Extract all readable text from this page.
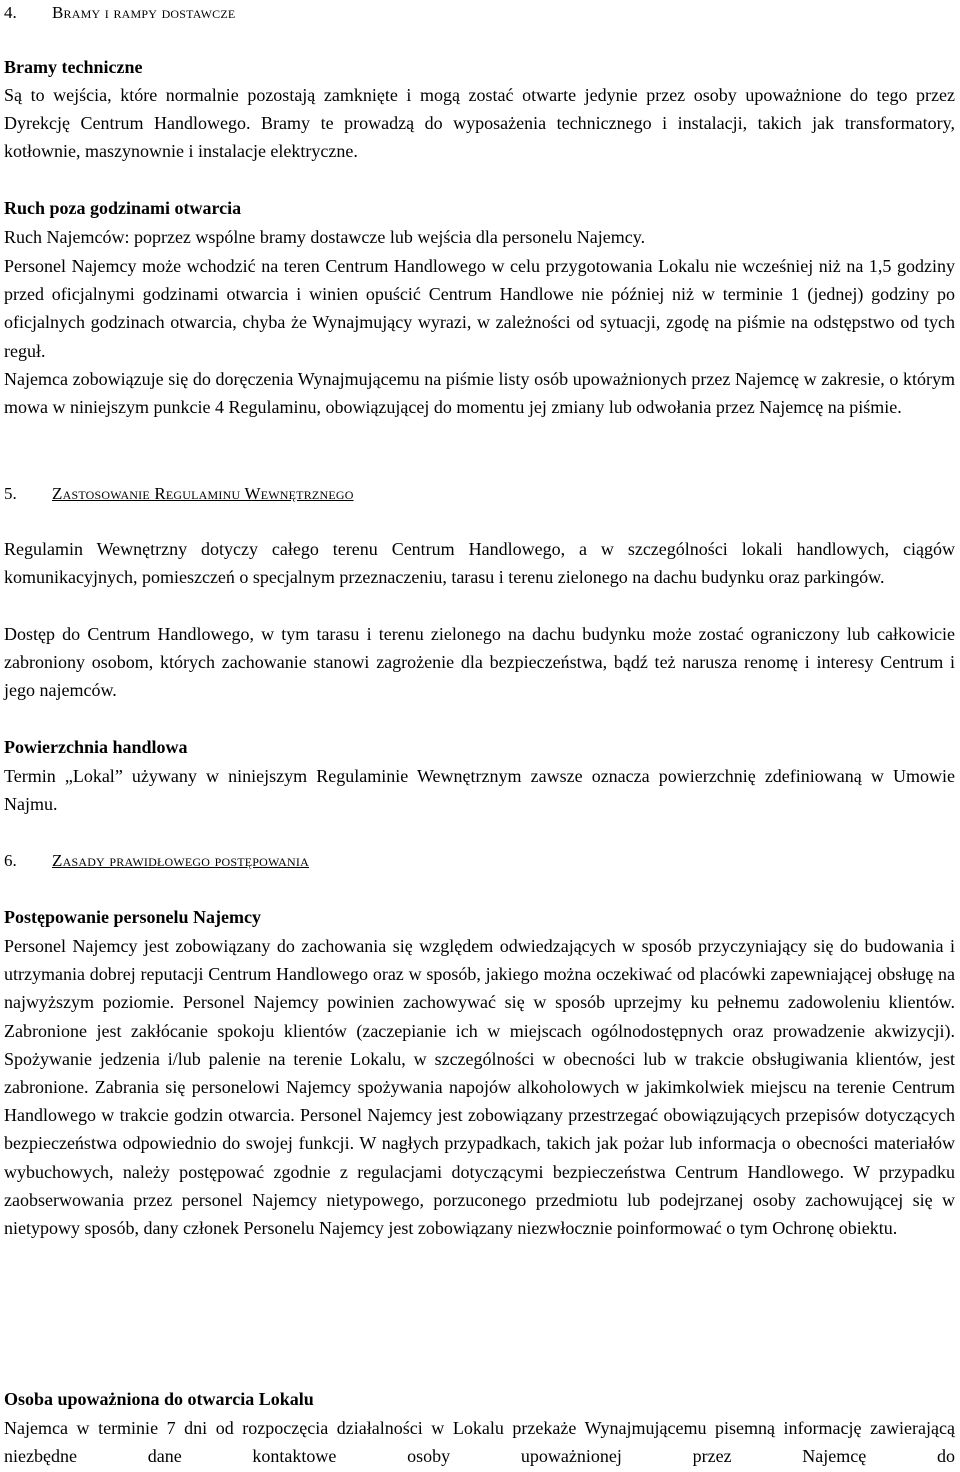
4.	Bramy i rampy dostawcze
Bramy techniczne

Są to wejścia, które normalnie pozostają zamknięte i mogą zostać otwarte jedynie przez osoby upoważnione do tego przez Dyrekcję Centrum Handlowego. Bramy te prowadzą do wyposażenia technicznego i instalacji, takich jak transformatory, kotłownie, maszynownie i instalacje elektryczne.

Ruch poza godzinami otwarcia

Ruch Najemców: poprzez wspólne bramy dostawcze lub wejścia dla personelu Najemcy.

Personel Najemcy może wchodzić na teren Centrum Handlowego w celu przygotowania Lokalu nie wcześniej niż na 1,5 godziny przed oficjalnymi godzinami otwarcia i winien opuścić Centrum Handlowe nie później niż w terminie 1 (jednej) godziny po oficjalnych godzinach otwarcia, chyba że Wynajmujący wyrazi, w zależności od sytuacji, zgodę na piśmie na odstępstwo od tych reguł.

Najemca zobowiązuje się do doręczenia Wynajmującemu na piśmie listy osób upoważnionych przez Najemcę w zakresie, o którym mowa w niniejszym punkcie 4 Regulaminu, obowiązującej do momentu jej zmiany lub odwołania przez Najemcę na piśmie.

5.	Zastosowanie Regulaminu Wewnętrznego

Regulamin Wewnętrzny dotyczy całego terenu Centrum Handlowego, a w szczególności lokali handlowych, ciągów komunikacyjnych, pomieszczeń o specjalnym przeznaczeniu, tarasu i terenu zielonego na dachu budynku oraz parkingów.

Dostęp do Centrum Handlowego, w tym tarasu i terenu zielonego na dachu budynku może zostać ograniczony lub całkowicie zabroniony osobom, których zachowanie stanowi zagrożenie dla bezpieczeństwa, bądź też narusza renomę i interesy Centrum i jego najemców.

Powierzchnia handlowa

Termin „Lokal” używany w niniejszym Regulaminie Wewnętrznym zawsze oznacza powierzchnię zdefiniowaną w Umowie Najmu.

6.	Zasady prawidłowego postępowania
Postępowanie personelu Najemcy

Personel Najemcy jest zobowiązany do zachowania się względem odwiedzających w sposób przyczyniający się do budowania i utrzymania dobrej reputacji Centrum Handlowego oraz w sposób, jakiego można oczekiwać od placówki zapewniającej obsługę na najwyższym poziomie. Personel Najemcy powinien zachowywać się w sposób uprzejmy ku pełnemu zadowoleniu klientów. Zabronione jest zakłócanie spokoju klientów (zaczepianie ich w miejscach ogólnodostępnych oraz prowadzenie akwizycji). Spożywanie jedzenia i/lub palenie na terenie Lokalu, w szczególności w obecności lub w trakcie obsługiwania klientów, jest zabronione. Zabrania się personelowi Najemcy spożywania napojów alkoholowych w jakimkolwiek miejscu na terenie Centrum Handlowego w trakcie godzin otwarcia. Personel Najemcy jest zobowiązany przestrzegać obowiązujących przepisów dotyczących bezpieczeństwa odpowiednio do swojej funkcji. W nagłych przypadkach, takich jak pożar lub informacja o obecności materiałów wybuchowych, należy postępować zgodnie z regulacjami dotyczącymi bezpieczeństwa Centrum Handlowego. W przypadku zaobserwowania przez personel Najemcy nietypowego, porzuconego przedmiotu lub podejrzanej osoby zachowującej się w nietypowy sposób, dany członek Personelu Najemcy jest zobowiązany niezwłocznie poinformować o tym Ochronę obiektu.

Osoba upoważniona do otwarcia Lokalu

Najemca w terminie 7 dni od rozpoczęcia działalności w Lokalu przekaże Wynajmującemu pisemną informację zawierającą niezbędne dane kontaktowe osoby upoważnionej przez Najemcę do
